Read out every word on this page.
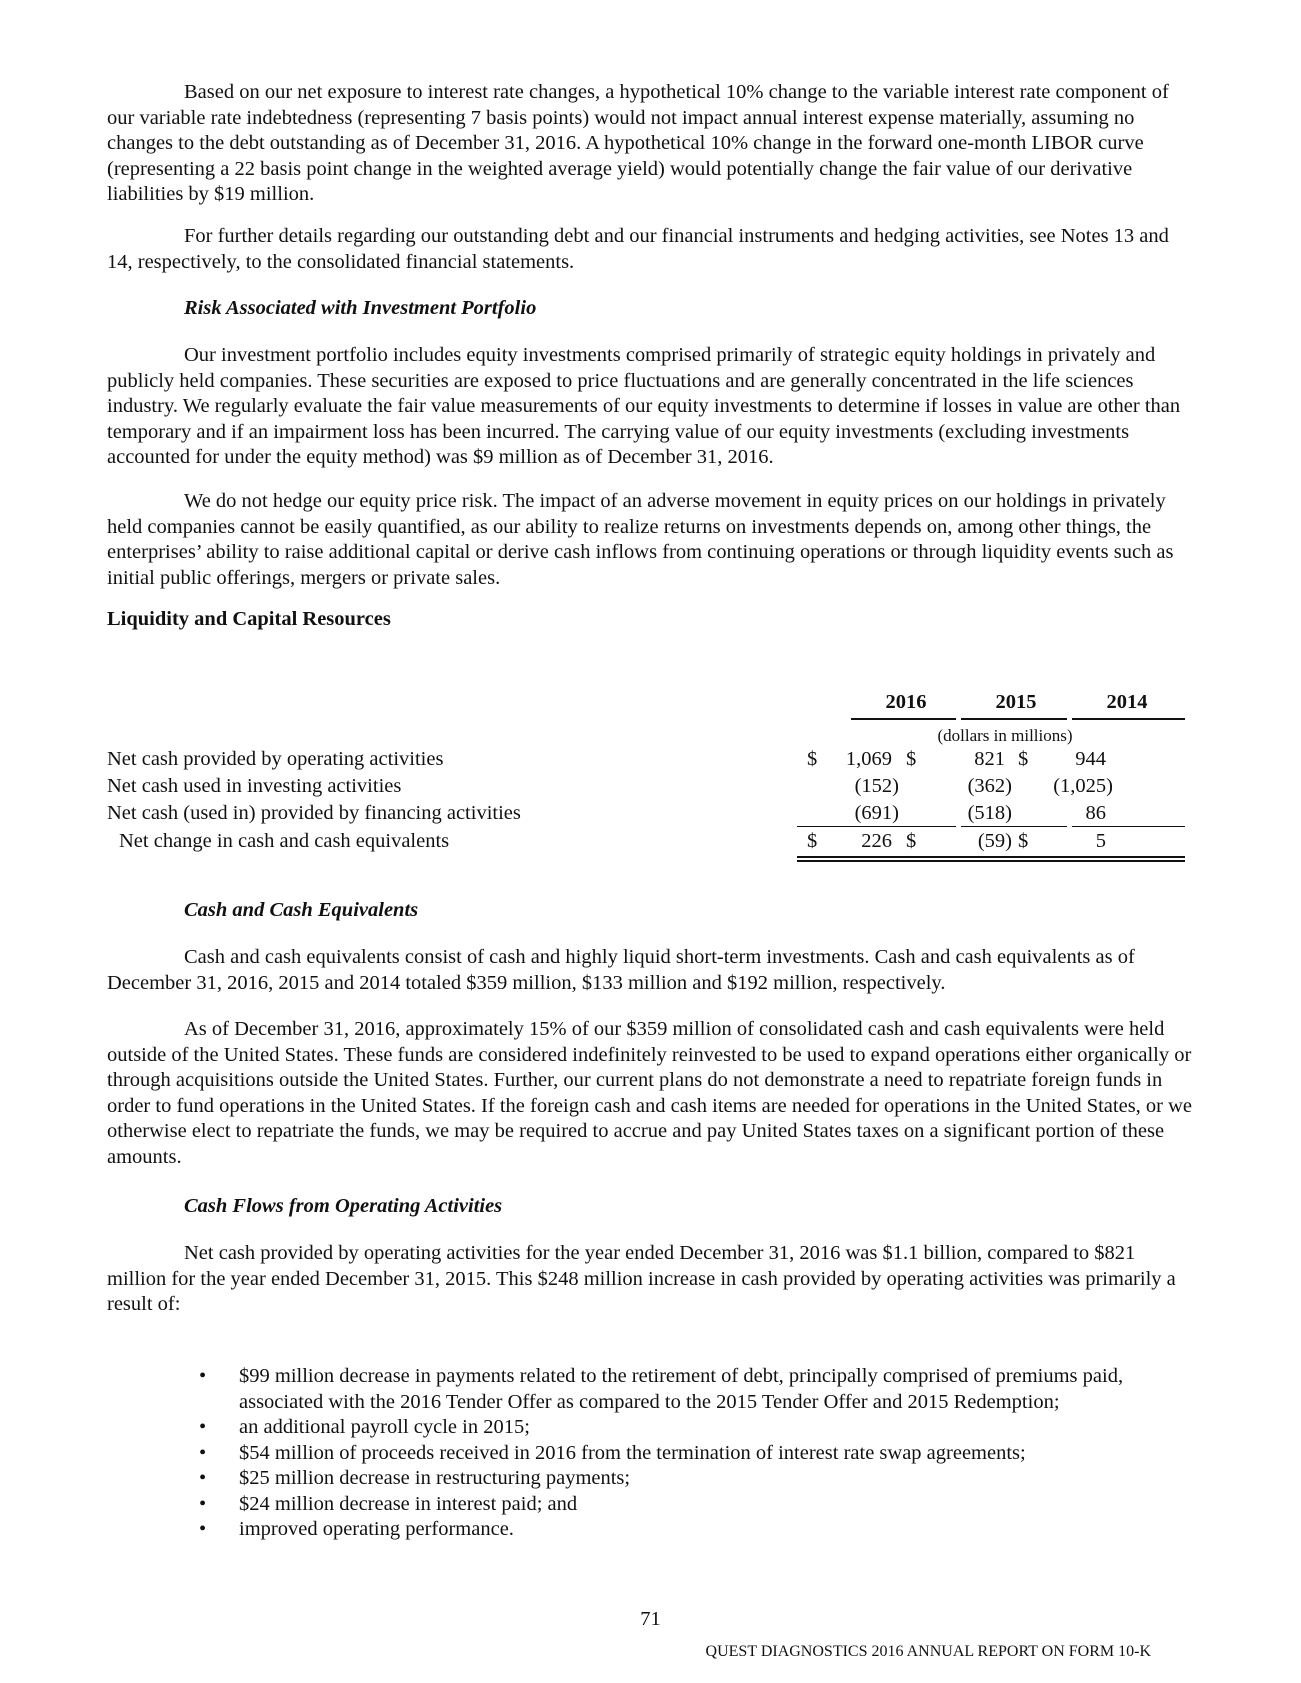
Based on our net exposure to interest rate changes, a hypothetical 10% change to the variable interest rate component of our variable rate indebtedness (representing 7 basis points) would not impact annual interest expense materially, assuming no changes to the debt outstanding as of December 31, 2016. A hypothetical 10% change in the forward one-month LIBOR curve (representing a 22 basis point change in the weighted average yield) would potentially change the fair value of our derivative liabilities by $19 million.

For further details regarding our outstanding debt and our financial instruments and hedging activities, see Notes 13 and 14, respectively, to the consolidated financial statements.

Risk Associated with Investment Portfolio

Our investment portfolio includes equity investments comprised primarily of strategic equity holdings in privately and publicly held companies. These securities are exposed to price fluctuations and are generally concentrated in the life sciences industry. We regularly evaluate the fair value measurements of our equity investments to determine if losses in value are other than temporary and if an impairment loss has been incurred. The carrying value of our equity investments (excluding investments accounted for under the equity method) was $9 million as of December 31, 2016.

We do not hedge our equity price risk. The impact of an adverse movement in equity prices on our holdings in privately held companies cannot be easily quantified, as our ability to realize returns on investments depends on, among other things, the enterprises’ ability to raise additional capital or derive cash inflows from continuing operations or through liquidity events such as initial public offerings, mergers or private sales.

Liquidity and Capital Resources

2016	2015	2014
(dollars in millions)
Net cash provided by operating activities	$ 1,069 $	821 $ 944
Net cash used in investing activities	(152)	(362) (1,025)
Net cash (used in) provided by financing activities	(691)	(518)	86
Net change in cash and cash equivalents	$ 226 $	(59) $	5

Cash and Cash Equivalents

Cash and cash equivalents consist of cash and highly liquid short-term investments. Cash and cash equivalents as of December 31, 2016, 2015 and 2014 totaled $359 million, $133 million and $192 million, respectively.

As of December 31, 2016, approximately 15% of our $359 million of consolidated cash and cash equivalents were held outside of the United States. These funds are considered indefinitely reinvested to be used to expand operations either organically or through acquisitions outside the United States. Further, our current plans do not demonstrate a need to repatriate foreign funds in order to fund operations in the United States. If the foreign cash and cash items are needed for operations in the United States, or we otherwise elect to repatriate the funds, we may be required to accrue and pay United States taxes on a significant portion of these amounts.

Cash Flows from Operating Activities

Net cash provided by operating activities for the year ended December 31, 2016 was $1.1 billion, compared to $821 million for the year ended December 31, 2015. This $248 million increase in cash provided by operating activities was primarily a result of:

• $99 million decrease in payments related to the retirement of debt, principally comprised of premiums paid, associated with the 2016 Tender Offer as compared to the 2015 Tender Offer and 2015 Redemption;
• an additional payroll cycle in 2015;
• $54 million of proceeds received in 2016 from the termination of interest rate swap agreements;
• $25 million decrease in restructuring payments;
• $24 million decrease in interest paid; and
• improved operating performance.

71

QUEST DIAGNOSTICS 2016 ANNUAL REPORT ON FORM 10-K
